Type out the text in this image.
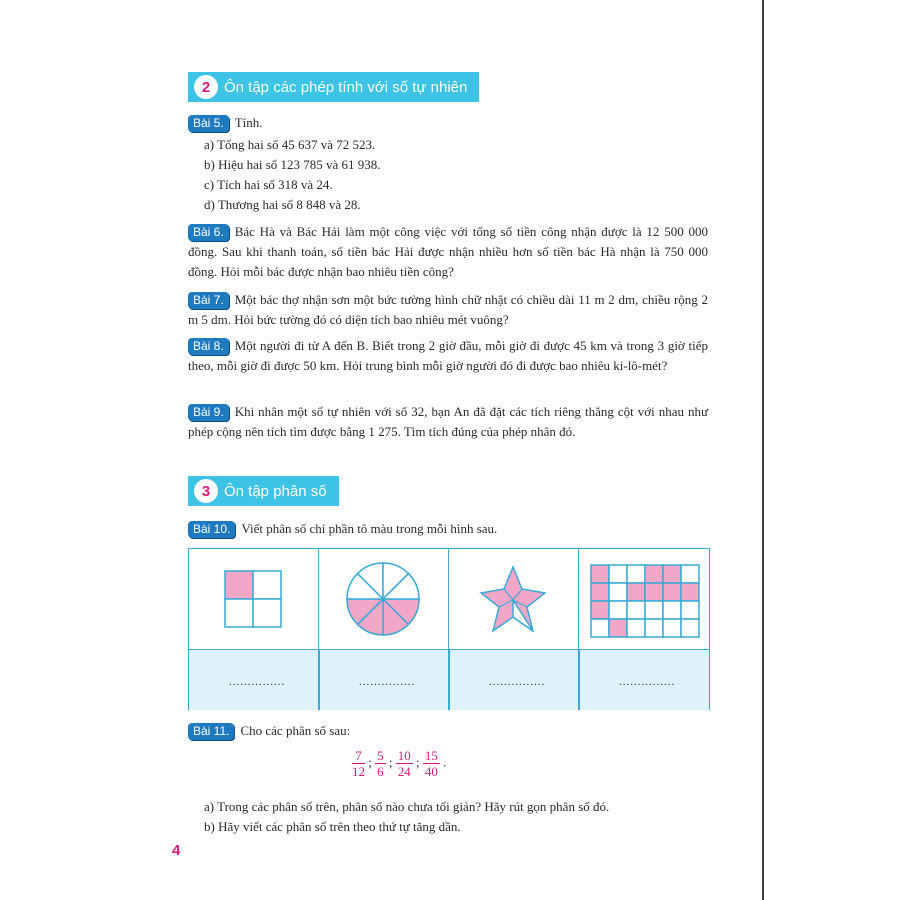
2 Ôn tập các phép tính với số tự nhiên
Bài 5. Tính.
a) Tổng hai số 45 637 và 72 523.
b) Hiệu hai số 123 785 và 61 938.
c) Tích hai số 318 và 24.
d) Thương hai số 8 848 và 28.
Bài 6. Bác Hà và Bác Hải làm một công việc với tổng số tiền công nhận được là 12 500 000 đồng. Sau khi thanh toán, số tiền bác Hải được nhận nhiều hơn số tiền bác Hà nhận là 750 000 đồng. Hỏi mỗi bác được nhận bao nhiêu tiền công?
Bài 7. Một bác thợ nhận sơn một bức tường hình chữ nhật có chiều dài 11 m 2 dm, chiều rộng 2 m 5 dm. Hỏi bức tường đó có diện tích bao nhiêu mét vuông?
Bài 8. Một người đi từ A đến B. Biết trong 2 giờ đầu, mỗi giờ đi được 45 km và trong 3 giờ tiếp theo, mỗi giờ đi được 50 km. Hỏi trung bình mỗi giờ người đó đi được bao nhiêu ki-lô-mét?
Bài 9. Khi nhân một số tự nhiên với số 32, bạn An đã đặt các tích riêng thẳng cột với nhau như phép cộng nên tích tìm được bằng 1 275. Tìm tích đúng của phép nhân đó.
3 Ôn tập phân số
Bài 10. Viết phân số chỉ phần tô màu trong mỗi hình sau.
...............	...............	...............	...............
Bài 11. Cho các phân số sau:
$\frac{7}{12}$ ; $\frac{5}{6}$ ; $\frac{10}{24}$ ; $\frac{15}{40}$ .
a) Trong các phân số trên, phân số nào chưa tối giản? Hãy rút gọn phân số đó.
b) Hãy viết các phân số trên theo thứ tự tăng dần.
4
